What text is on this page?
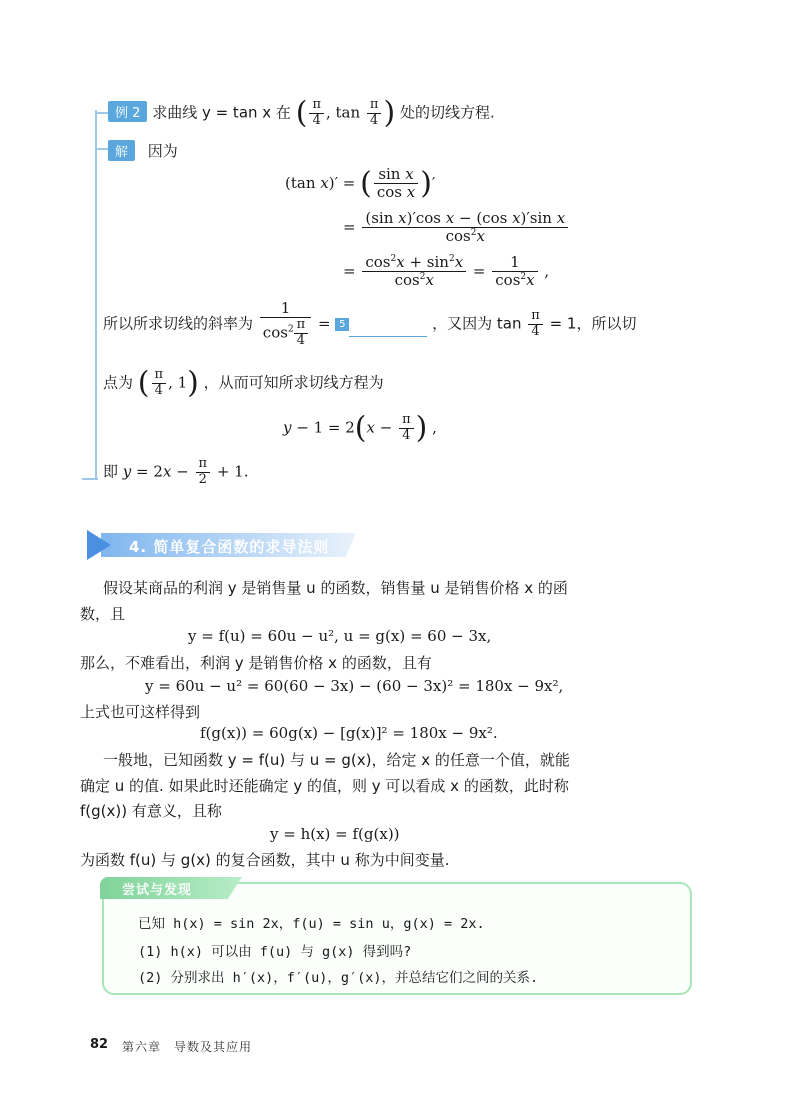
例 2 求曲线 y = tan x 在 ( $\frac{\pi}{4}$ , $\tan \frac{\pi}{4}$ ) 处的切线方程.
解 因为
(tan x)′ = ( $\frac{\text{sin x}}{\text{cos x}}$ )′
= $\frac{\text{(sin x)′cos x − (cos x)′sin x}}{\cos^2x}$
= $\frac{\cos^2x + \sin^2x}{\cos^2x} = \frac{1}{\cos^2x}$ ,
所以所求切线的斜率为 $\frac{1}{\cos^2 \frac{\pi}{4}} = 5$	，又因为 $\tan \frac{\pi}{4} = 1$，所以切
点为 ( $\frac{\pi}{4}$ , 1) ，从而可知所求切线方程为
$y - 1 = 2(x - \frac{\pi}{4}$ ) ,
即 $y = 2x - \frac{\pi}{2} + 1$.
4. 简单复合函数的求导法则
假设某商品的利润 y 是销售量 u 的函数，销售量 u 是销售价格 x 的函
数，且
y = f(u) = 60u − u², u = g(x) = 60 − 3x,
那么，不难看出，利润 y 是销售价格 x 的函数，且有
y = 60u − u² = 60(60 − 3x) − (60 − 3x)² = 180x − 9x²,
上式也可这样得到
f(g(x)) = 60g(x) − [g(x)]² = 180x − 9x².
一般地，已知函数 y = f(u) 与 u = g(x)，给定 x 的任意一个值，就能
确定 u 的值. 如果此时还能确定 y 的值，则 y 可以看成 x 的函数，此时称
f(g(x)) 有意义，且称
y = h(x) = f(g(x))
为函数 f(u) 与 g(x) 的复合函数，其中 u 称为中间变量.
尝试与发现
已知 h(x) = sin 2x，f(u) = sin u，g(x) = 2x.
(1) h(x) 可以由 f(u) 与 g(x) 得到吗?
(2) 分别求出 h′(x)，f′(u)，g′(x)，并总结它们之间的关系.
82 第六章　导数及其应用
